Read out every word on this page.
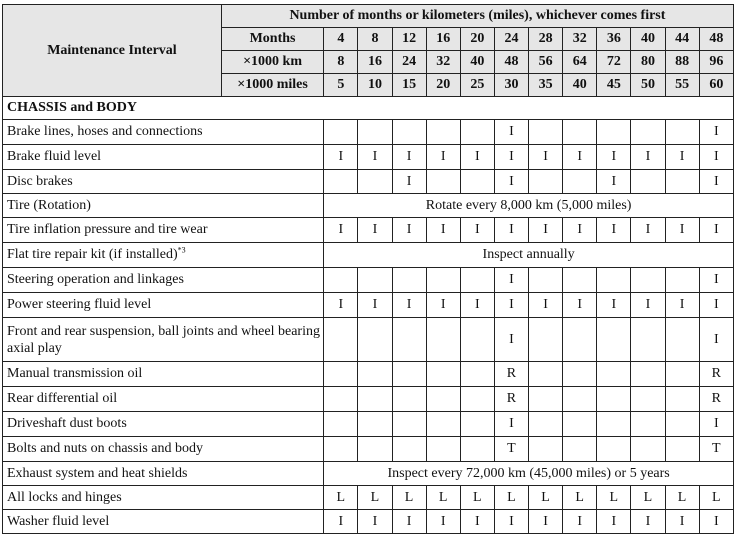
Maintenance Interval	Number of months or kilometers (miles), whichever comes first												
	Months	4	8	12	16	20	24	28	32	36	40	44	48
	×1000 km	8	16	24	32	40	48	56	64	72	80	88	96
	×1000 miles	5	10	15	20	25	30	35	40	45	50	55	60
CHASSIS and BODY													
Brake lines, hoses and connections							I						I
Brake fluid level		I	I	I	I	I	I	I	I	I	I	I	I
Disc brakes				I			I			I			I
Tire (Rotation)		Rotate every 8,000 km (5,000 miles)											
Tire inflation pressure and tire wear		I	I	I	I	I	I	I	I	I	I	I	I
Flat tire repair kit (if installed)$^{*3}$		Inspect annually											
Steering operation and linkages							I						I
Power steering fluid level		I	I	I	I	I	I	I	I	I	I	I	I
Front and rear suspension, ball joints and wheel bearing axial play							I						I
Manual transmission oil							R						R
Rear differential oil							R						R
Driveshaft dust boots							I						I
Bolts and nuts on chassis and body							T						T
Exhaust system and heat shields		Inspect every 72,000 km (45,000 miles) or 5 years											
All locks and hinges		L	L	L	L	L	L	L	L	L	L	L	L
Washer fluid level		I	I	I	I	I	I	I	I	I	I	I	I
